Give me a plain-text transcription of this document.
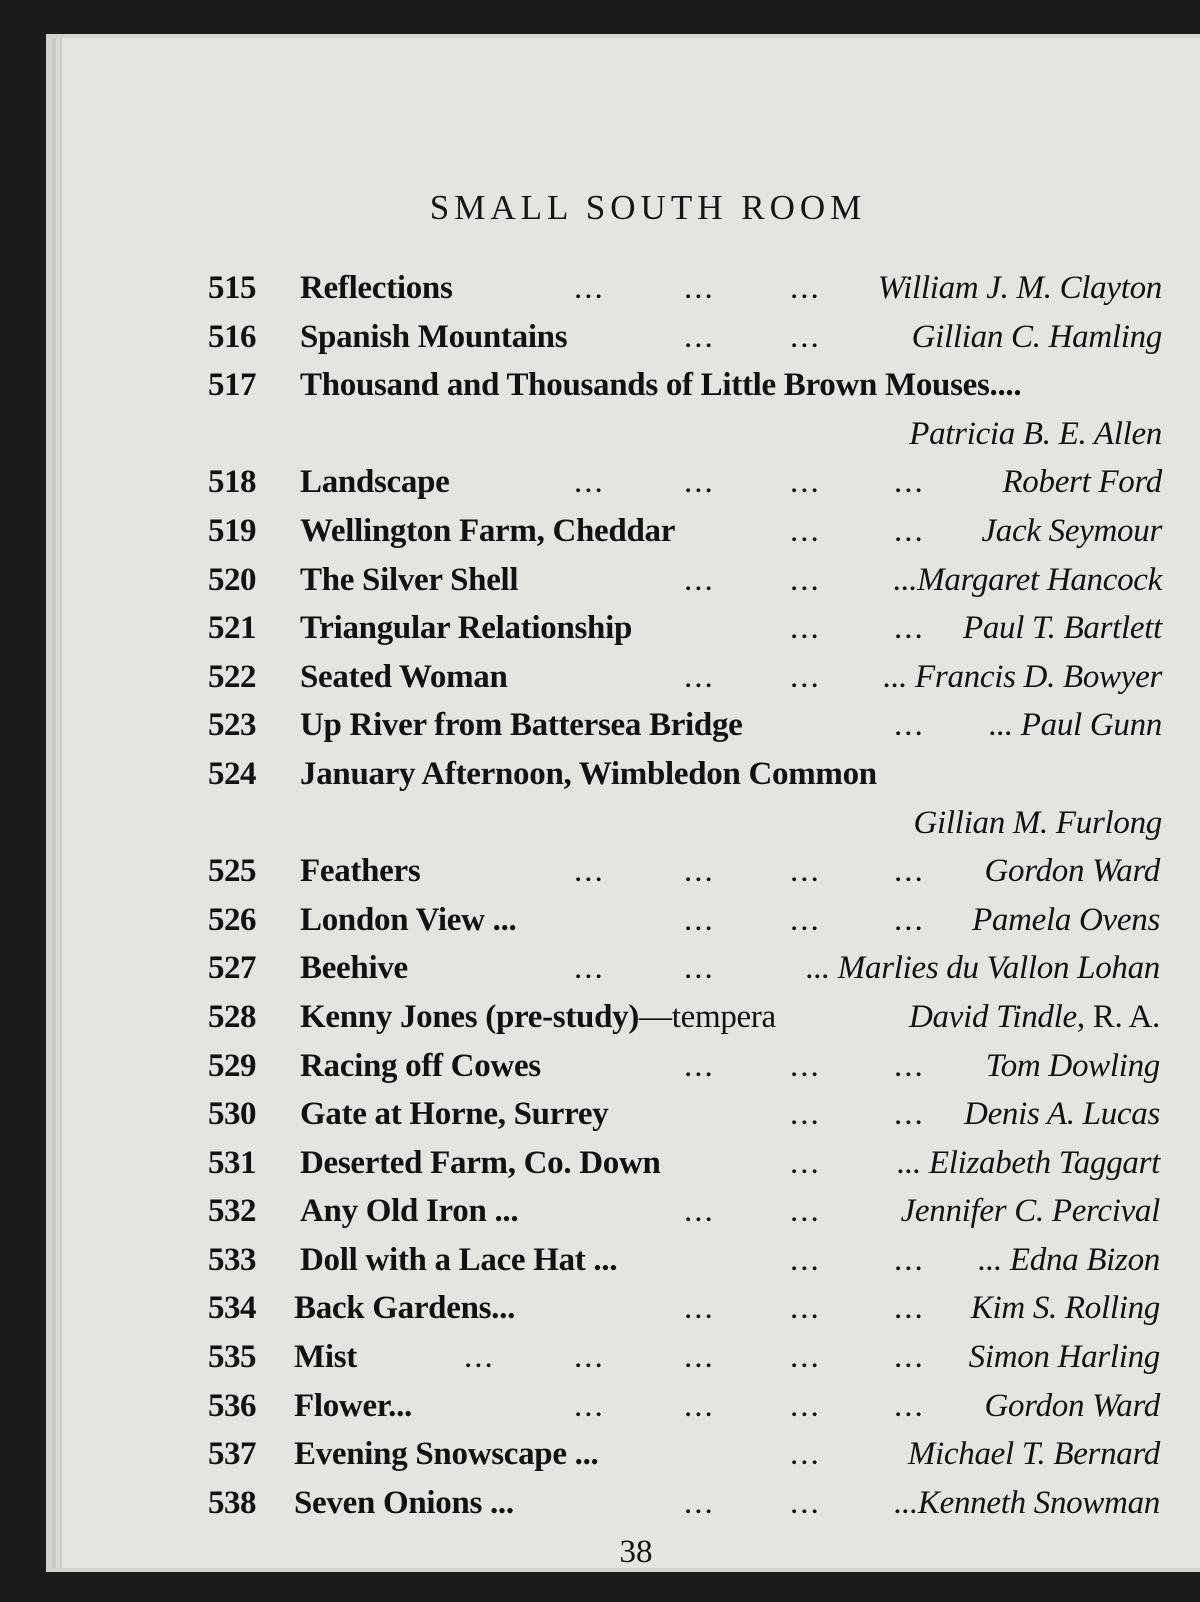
SMALL SOUTH ROOM
515 Reflections	... ... ... William J. M. Clayton
516 Spanish Mountains	... ...	Gillian C. Hamling
517 Thousand and Thousands of Little Brown Mouses....
Patricia B. E. Allen
518 Landscape	... ... ... ... Robert Ford
519 Wellington Farm, Cheddar	... ... Jack Seymour
520 The Silver Shell	... ... ...Margaret Hancock
521 Triangular Relationship	... ... Paul T. Bartlett
522 Seated Woman	... ... ... Francis D. Bowyer
523 Up River from Battersea Bridge	... ... Paul Gunn
524 January Afternoon, Wimbledon Common
Gillian M. Furlong
525 Feathers	... ... ... ... Gordon Ward
526 London View ...	... ... ... Pamela Ovens
527 Beehive	... ...	... Marlies du Vallon Lohan
528 Kenny Jones (pre-study)—tempera	David Tindle, R. A.
529 Racing off Cowes	... ... ... Tom Dowling
530 Gate at Horne, Surrey	... ... Denis A. Lucas
531 Deserted Farm, Co. Down	... ... Elizabeth Taggart
532 Any Old Iron ...	... ... Jennifer C. Percival
533 Doll with a Lace Hat ...	... ... ... Edna Bizon
534 Back Gardens...	... ... ... Kim S. Rolling
535 Mist	... ... ... ... ... Simon Harling
536 Flower...	... ... ... ... Gordon Ward
537 Evening Snowscape ...	...	Michael T. Bernard
538 Seven Onions ...	... ... ...Kenneth Snowman
38
